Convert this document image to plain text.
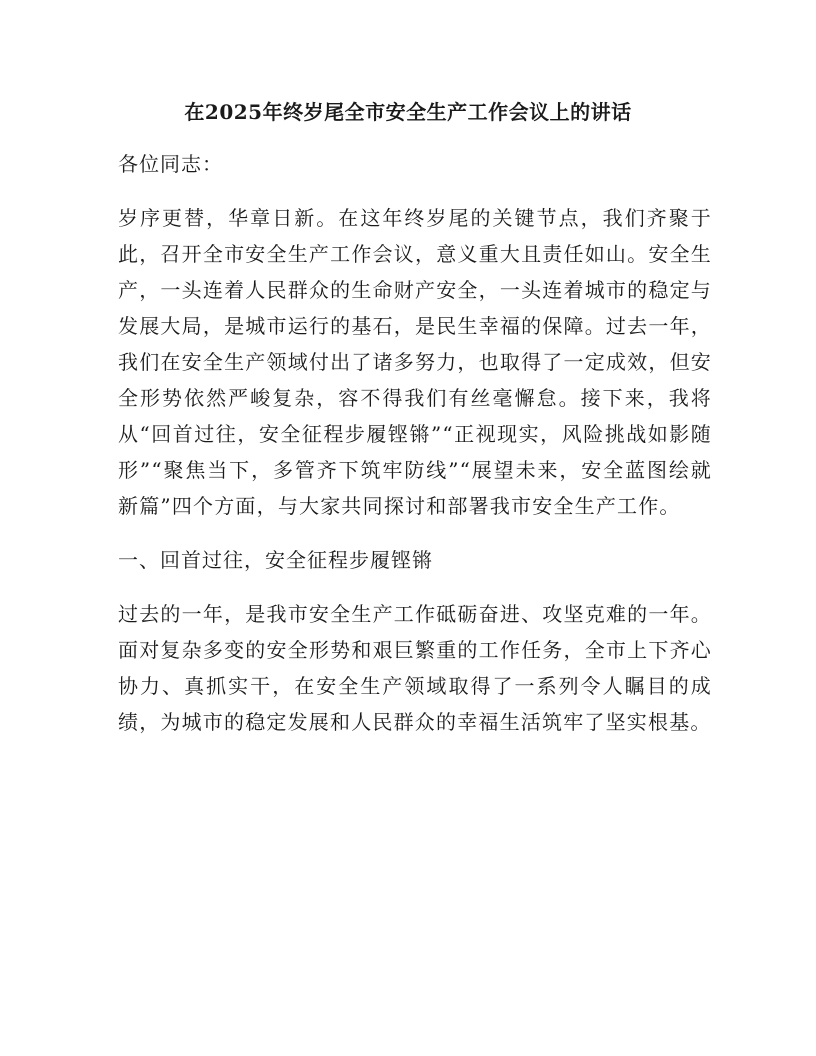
在2025年终岁尾全市安全生产工作会议上的讲话

各位同志：

岁序更替，华章日新。在这年终岁尾的关键节点，我们齐聚于此，召开全市安全生产工作会议，意义重大且责任如山。安全生产，一头连着人民群众的生命财产安全，一头连着城市的稳定与发展大局，是城市运行的基石，是民生幸福的保障。过去一年，我们在安全生产领域付出了诸多努力，也取得了一定成效，但安全形势依然严峻复杂，容不得我们有丝毫懈怠。接下来，我将从“回首过往，安全征程步履铿锵”“正视现实，风险挑战如影随形”“聚焦当下，多管齐下筑牢防线”“展望未来，安全蓝图绘就新篇”四个方面，与大家共同探讨和部署我市安全生产工作。

一、回首过往，安全征程步履铿锵

过去的一年，是我市安全生产工作砥砺奋进、攻坚克难的一年。面对复杂多变的安全形势和艰巨繁重的工作任务，全市上下齐心协力、真抓实干，在安全生产领域取得了一系列令人瞩目的成绩，为城市的稳定发展和人民群众的幸福生活筑牢了坚实根基。
